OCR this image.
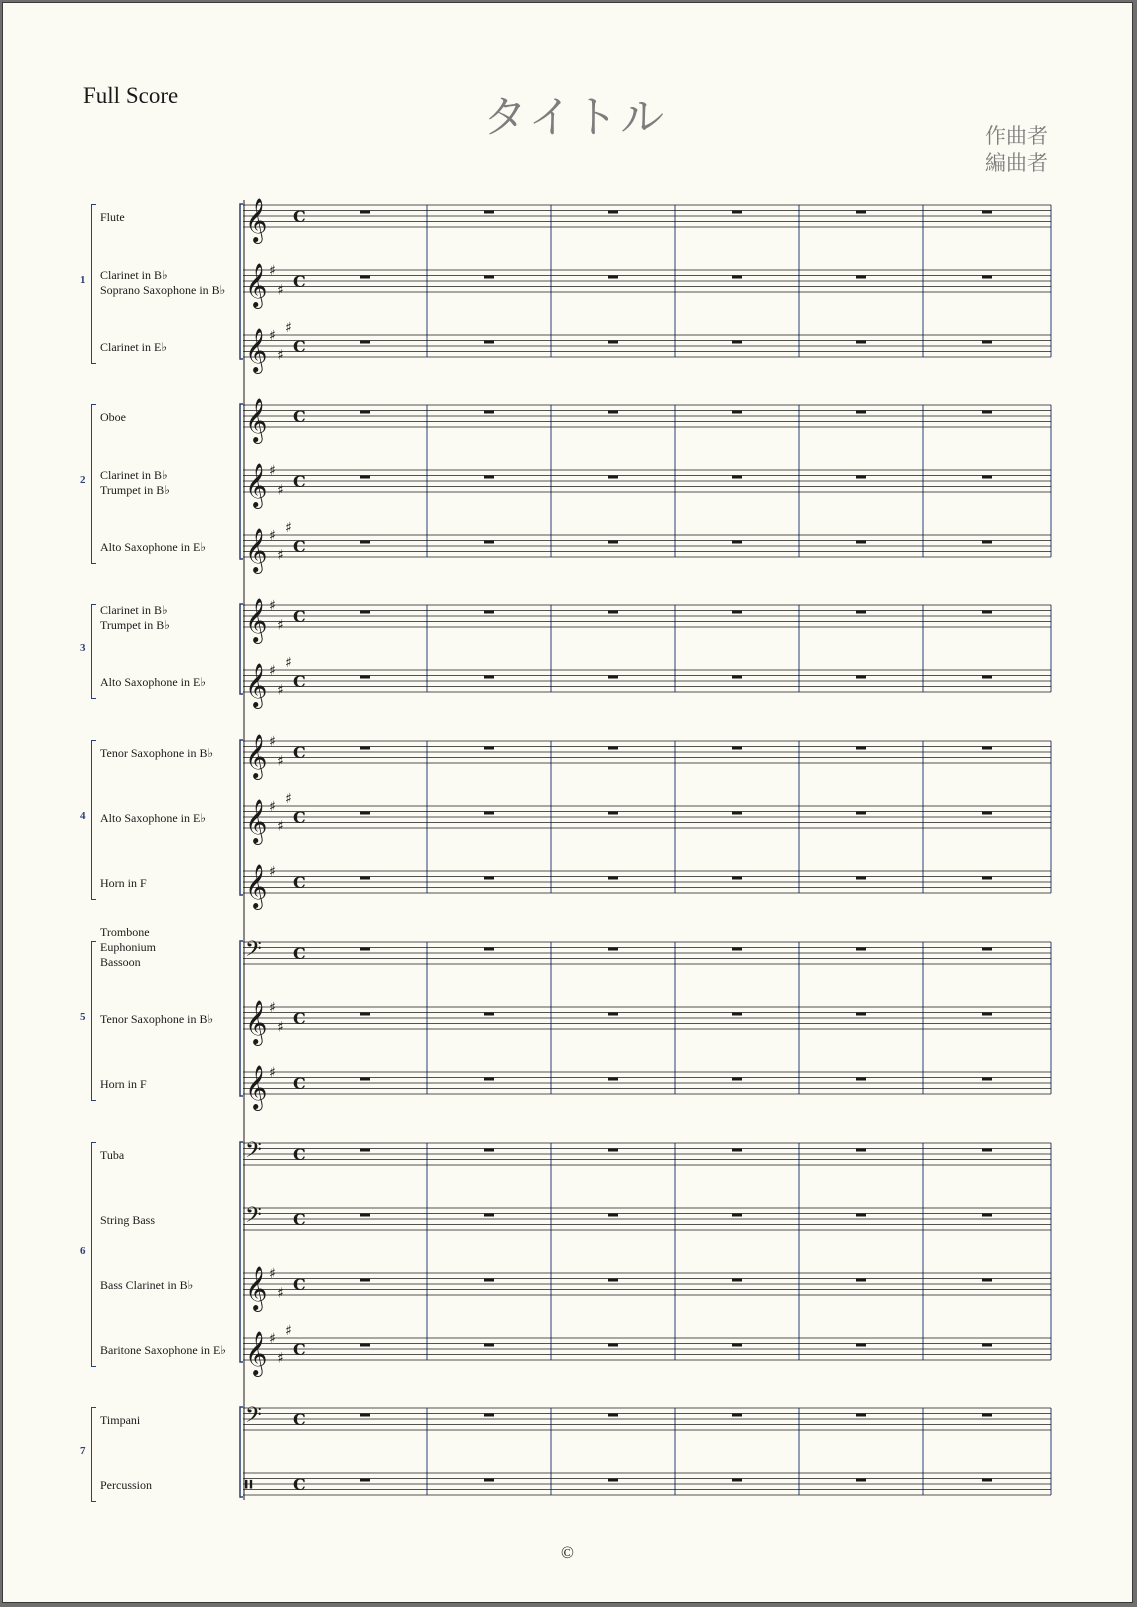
Full Score	タイトル	作曲者
編曲者
©
1
Flute
Clarinet in B♭
Soprano Saxophone in B♭
Clarinet in E♭
2
Oboe
Clarinet in B♭
Trumpet in B♭
Alto Saxophone in E♭
3
Clarinet in B♭
Trumpet in B♭
Alto Saxophone in E♭
4
Tenor Saxophone in B♭
Alto Saxophone in E♭
Horn in F
5
Trombone
Euphonium
Bassoon
Tenor Saxophone in B♭
Horn in F
6
Tuba
String Bass
Bass Clarinet in B♭
Baritone Saxophone in E♭
7
Timpani
Percussion
𝄞 C
𝄞 ♯
♯ C
𝄞 ♯
♯
♯
C
𝄞 C
𝄞 ♯
♯ C
𝄞 ♯
♯
♯
C
𝄞 ♯
♯ C
𝄞 ♯
♯
♯
C
𝄞 ♯
♯ C
𝄞 ♯
♯
♯
C
𝄞 ♯
C
𝄢 C
𝄞 ♯
♯ C
𝄞 ♯
C
𝄢 C
𝄢 C
𝄞 ♯
♯ C
𝄞 ♯
♯
♯
C
𝄢 C
𝄥	C
